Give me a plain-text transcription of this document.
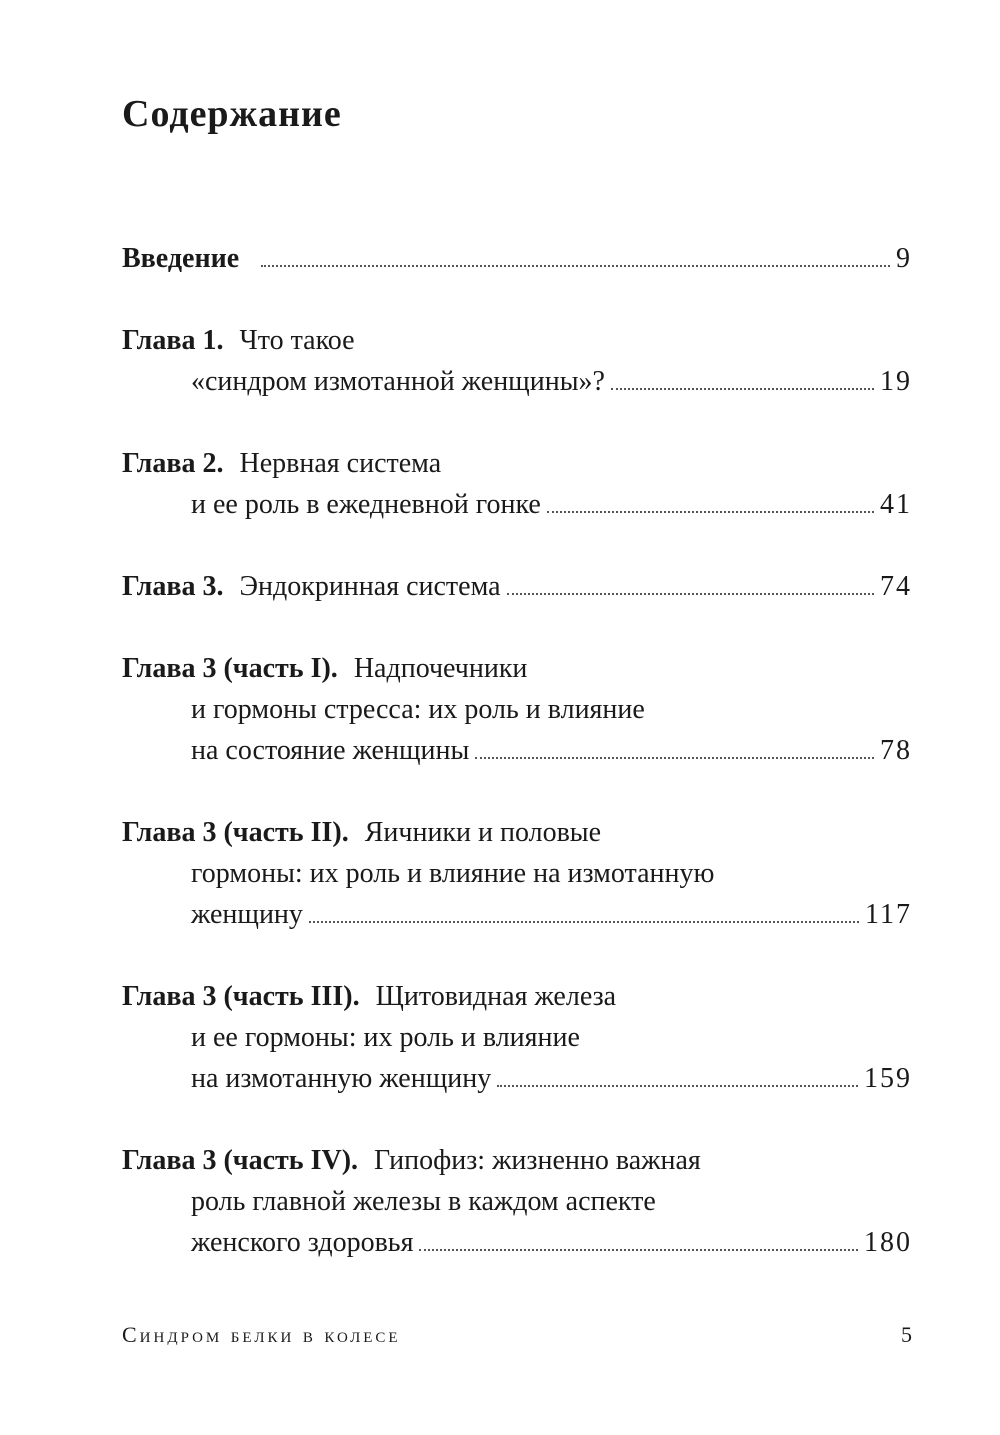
Содержание
Введение	9
Глава 1. Что такое
«синдром измотанной женщины»?	19
Глава 2. Нервная система
и ее роль в ежедневной гонке	41
Глава 3. Эндокринная система	74
Глава 3 (часть I). Надпочечники
и гормоны стресса: их роль и влияние
на состояние женщины	78
Глава 3 (часть II). Яичники и половые
гормоны: их роль и влияние на измотанную
женщину	117
Глава 3 (часть III). Щитовидная железа
и ее гормоны: их роль и влияние
на измотанную женщину	159
Глава 3 (часть IV). Гипофиз: жизненно важная
роль главной железы в каждом аспекте
женского здоровья	180
Синдром белки в колесе	5
